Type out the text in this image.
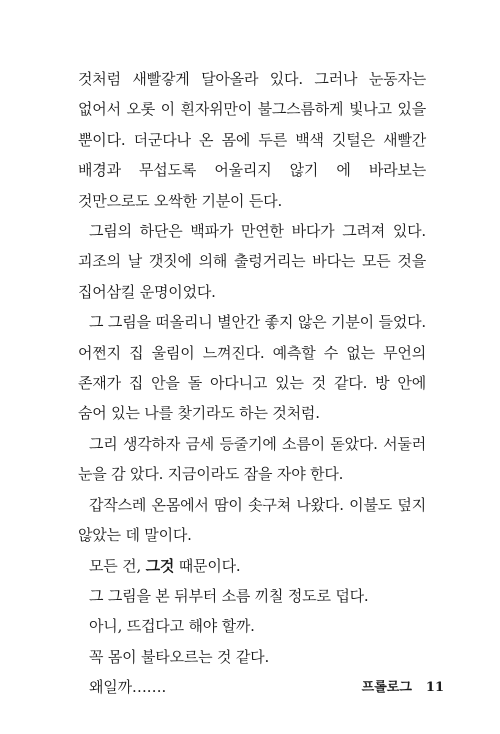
것처럼 새빨갛게 달아올라 있다. 그러나 눈동자는 없어서 오롯 이 흰자위만이 불그스름하게 빛나고 있을 뿐이다. 더군다나 온 몸에 두른 백색 깃털은 새빨간 배경과 무섭도록 어울리지 않기 에 바라보는 것만으로도 오싹한 기분이 든다.

그림의 하단은 백파가 만연한 바다가 그려져 있다. 괴조의 날 갯짓에 의해 출렁거리는 바다는 모든 것을 집어삼킬 운명이었다.

그 그림을 떠올리니 별안간 좋지 않은 기분이 들었다. 어쩐지 집 울림이 느껴진다. 예측할 수 없는 무언의 존재가 집 안을 돌 아다니고 있는 것 같다. 방 안에 숨어 있는 나를 찾기라도 하는 것처럼.

그리 생각하자 금세 등줄기에 소름이 돋았다. 서둘러 눈을 감 았다. 지금이라도 잠을 자야 한다.

갑작스레 온몸에서 땀이 솟구쳐 나왔다. 이불도 덮지 않았는 데 말이다.

모든 건, 그것 때문이다.

그 그림을 본 뒤부터 소름 끼칠 정도로 덥다.

아니, 뜨겁다고 해야 할까.

꼭 몸이 불타오르는 것 같다.

왜일까…….	프롤로그 11
